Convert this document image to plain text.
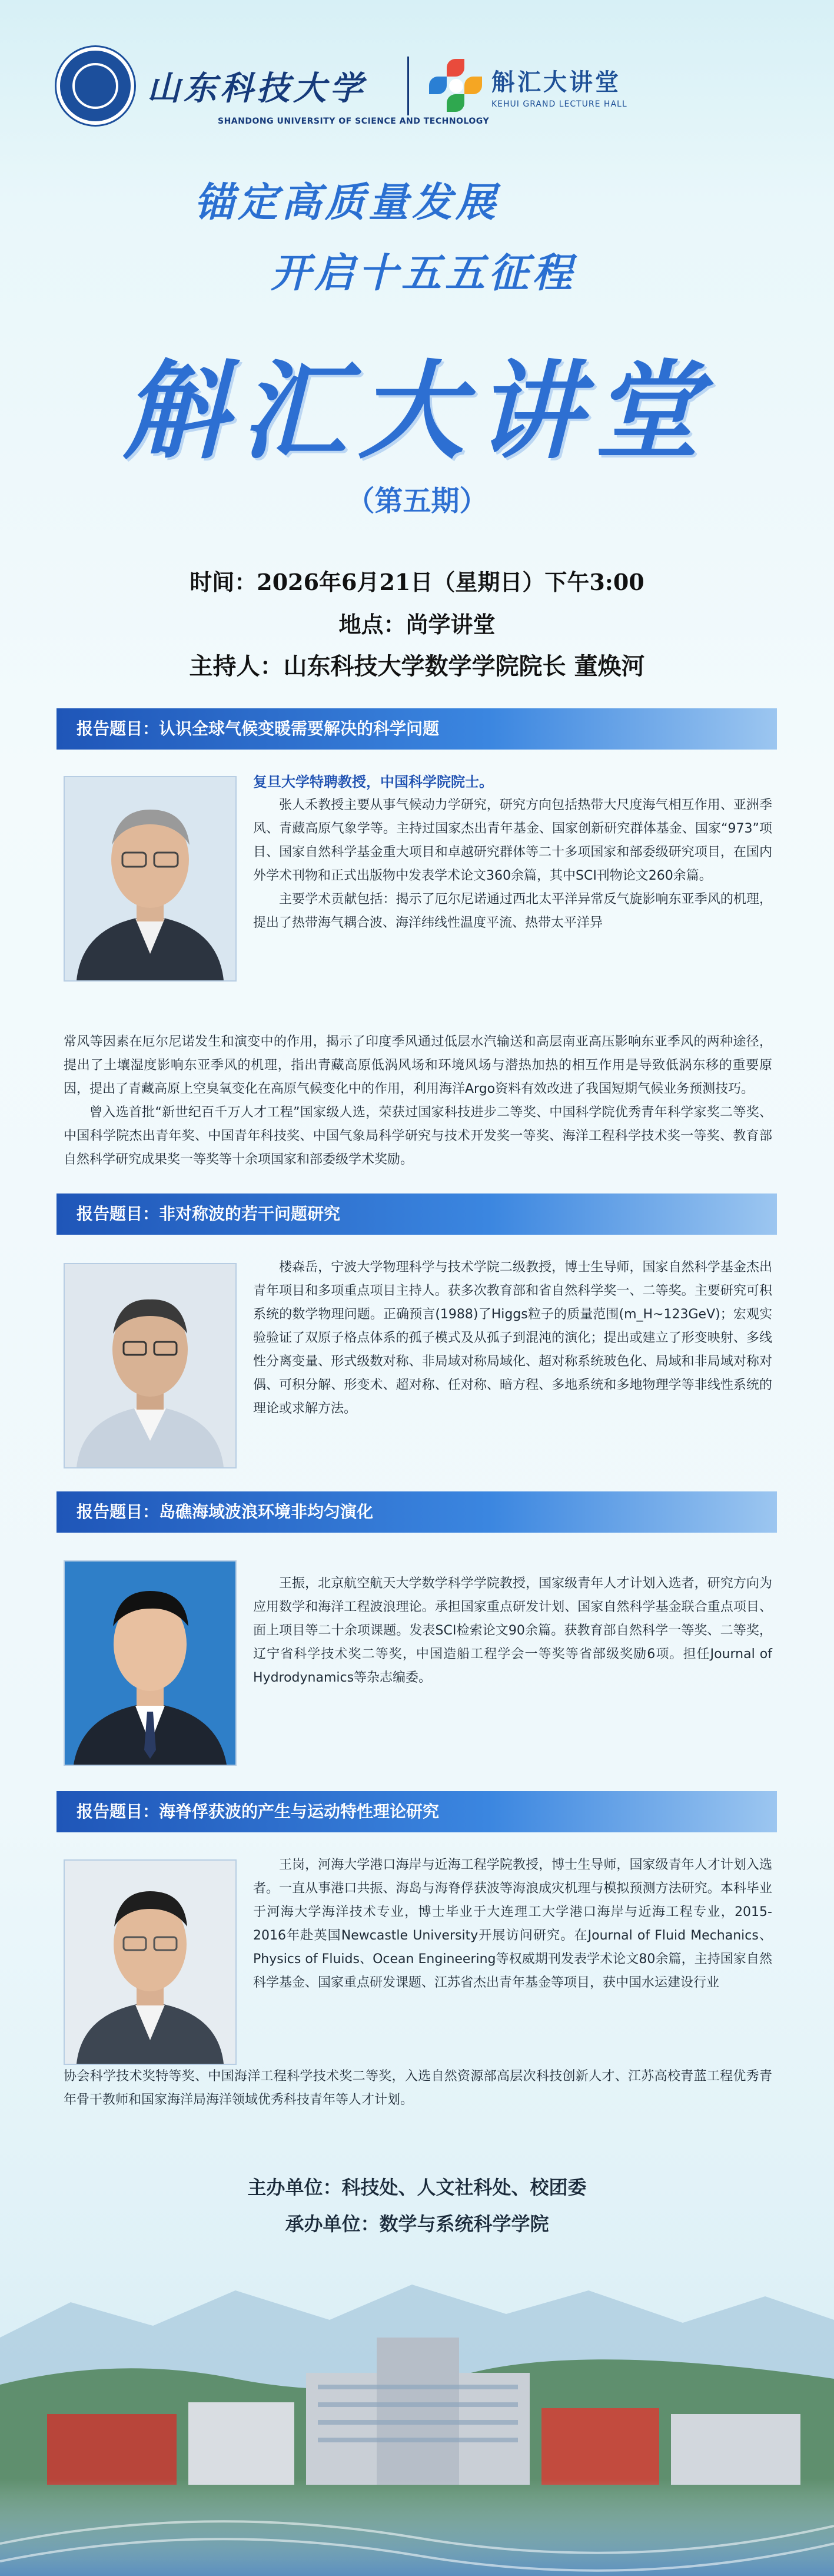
山东科技大学
SHANDONG UNIVERSITY OF SCIENCE AND TECHNOLOGY
斛汇大讲堂
KEHUI GRAND LECTURE HALL
锚定高质量发展
开启十五五征程
斛汇大讲堂
（第五期）
时间：2026年6月21日（星期日）下午3:00
地点：尚学讲堂
主持人：山东科技大学数学学院院长 董焕河
报告题目：认识全球气候变暖需要解决的科学问题

复旦大学特聘教授，中国科学院院士。

张人禾教授主要从事气候动力学研究，研究方向包括热带大尺度海气相互作用、亚洲季风、青藏高原气象学等。主持过国家杰出青年基金、国家创新研究群体基金、国家“973”项目、国家自然科学基金重大项目和卓越研究群体等二十多项国家和部委级研究项目，在国内外学术刊物和正式出版物中发表学术论文360余篇，其中SCI刊物论文260余篇。

主要学术贡献包括：揭示了厄尔尼诺通过西北太平洋异常反气旋影响东亚季风的机理，提出了热带海气耦合波、海洋纬线性温度平流、热带太平洋异

常风等因素在厄尔尼诺发生和演变中的作用，揭示了印度季风通过低层水汽输送和高层南亚高压影响东亚季风的两种途径，提出了土壤湿度影响东亚季风的机理，指出青藏高原低涡风场和环境风场与潜热加热的相互作用是导致低涡东移的重要原因，提出了青藏高原上空臭氧变化在高原气候变化中的作用，利用海洋Argo资料有效改进了我国短期气候业务预测技巧。

曾入选首批“新世纪百千万人才工程”国家级人选，荣获过国家科技进步二等奖、中国科学院优秀青年科学家奖二等奖、中国科学院杰出青年奖、中国青年科技奖、中国气象局科学研究与技术开发奖一等奖、海洋工程科学技术奖一等奖、教育部自然科学研究成果奖一等奖等十余项国家和部委级学术奖励。

报告题目：非对称波的若干问题研究

楼森岳，宁波大学物理科学与技术学院二级教授，博士生导师，国家自然科学基金杰出青年项目和多项重点项目主持人。获多次教育部和省自然科学奖一、二等奖。主要研究可积系统的数学物理问题。正确预言(1988)了Higgs粒子的质量范围(m_H~123GeV)；宏观实验验证了双原子格点体系的孤子模式及从孤子到混沌的演化；提出或建立了形变映射、多线性分离变量、形式级数对称、非局域对称局域化、超对称系统玻色化、局域和非局域对称对偶、可积分解、形变术、超对称、任对称、暗方程、多地系统和多地物理学等非线性系统的理论或求解方法。

报告题目：岛礁海域波浪环境非均匀演化

王振，北京航空航天大学数学科学学院教授，国家级青年人才计划入选者，研究方向为应用数学和海洋工程波浪理论。承担国家重点研发计划、国家自然科学基金联合重点项目、面上项目等二十余项课题。发表SCI检索论文90余篇。获教育部自然科学一等奖、二等奖，辽宁省科学技术奖二等奖，中国造船工程学会一等奖等省部级奖励6项。担任Journal of Hydrodynamics等杂志编委。

报告题目：海脊俘获波的产生与运动特性理论研究

王岗，河海大学港口海岸与近海工程学院教授，博士生导师，国家级青年人才计划入选者。一直从事港口共振、海岛与海脊俘获波等海浪成灾机理与模拟预测方法研究。本科毕业于河海大学海洋技术专业，博士毕业于大连理工大学港口海岸与近海工程专业，2015-2016年赴英国Newcastle University开展访问研究。在Journal of Fluid Mechanics、Physics of Fluids、Ocean Engineering等权威期刊发表学术论文80余篇，主持国家自然科学基金、国家重点研发课题、江苏省杰出青年基金等项目，获中国水运建设行业

协会科学技术奖特等奖、中国海洋工程科学技术奖二等奖，入选自然资源部高层次科技创新人才、江苏高校青蓝工程优秀青年骨干教师和国家海洋局海洋领域优秀科技青年等人才计划。

主办单位：科技处、人文社科处、校团委
承办单位：数学与系统科学学院
